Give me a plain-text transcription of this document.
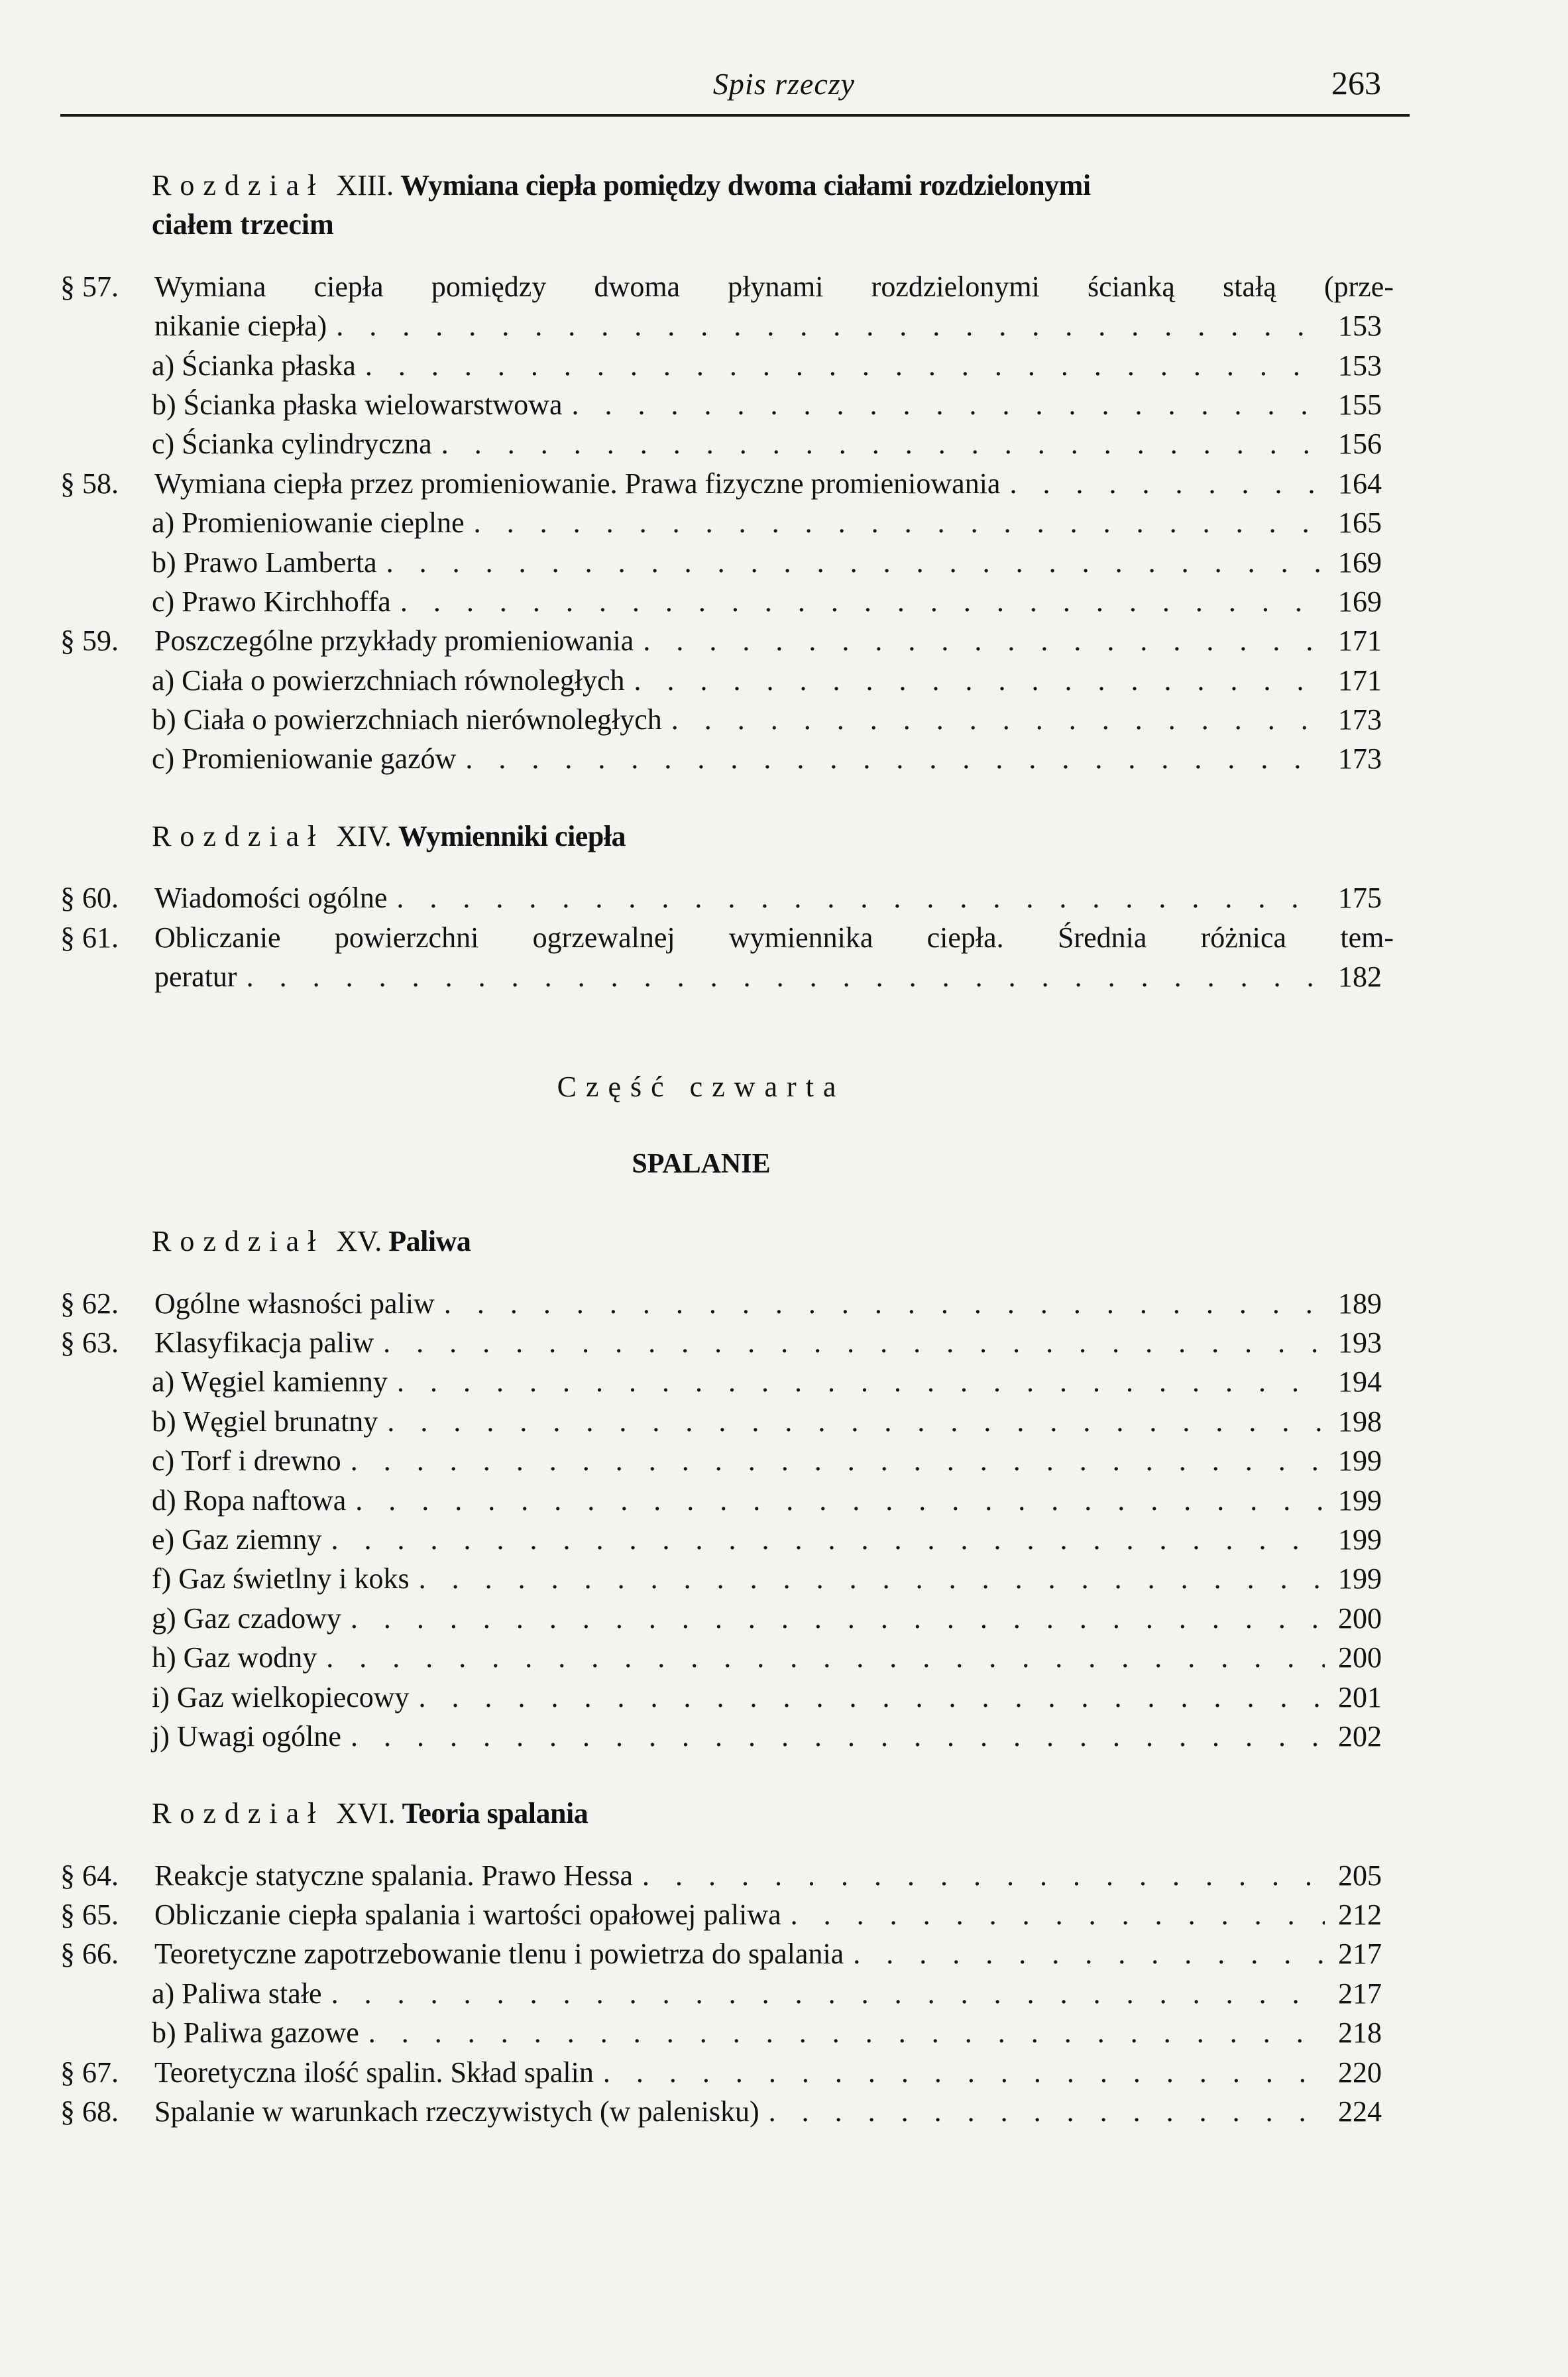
Spis rzeczy	263
Rozdział XIII. Wymiana ciepła pomiędzy dwoma ciałami rozdzielonymi
ciałem trzecim
§ 57.	Wymiana ciepła pomiędzy dwoma płynami rozdzielonymi ścianką stałą (prze-
nikanie ciepła) . . .	153
a) Ścianka płaska . . .	153
b) Ścianka płaska wielowarstwowa . . .	155
c) Ścianka cylindryczna . . .	156
§ 58.	Wymiana ciepła przez promieniowanie. Prawa fizyczne promieniowania . . .	164
a) Promieniowanie cieplne . . .	165
b) Prawo Lamberta . . .	169
c) Prawo Kirchhoffa . . .	169
§ 59.	Poszczególne przykłady promieniowania . . .	171
a) Ciała o powierzchniach równoległych . . .	171
b) Ciała o powierzchniach nierównoległych . . .	173
c) Promieniowanie gazów . . .	173
Rozdział XIV. Wymienniki ciepła
§ 60.	Wiadomości ogólne . . .	175
§ 61.	Obliczanie powierzchni ogrzewalnej wymiennika ciepła. Średnia różnica tem-
peratur . . .	182
Część czwarta
SPALANIE
Rozdział XV. Paliwa
§ 62.	Ogólne własności paliw . . .	189
§ 63.	Klasyfikacja paliw . . .	193
a) Węgiel kamienny . . .	194
b) Węgiel brunatny . . .	198
c) Torf i drewno . . .	199
d) Ropa naftowa . . .	199
e) Gaz ziemny . . .	199
f) Gaz świetlny i koks . . .	199
g) Gaz czadowy . . .	200
h) Gaz wodny . . .	200
i) Gaz wielkopiecowy . . .	201
j) Uwagi ogólne . . .	202
Rozdział XVI. Teoria spalania
§ 64.	Reakcje statyczne spalania. Prawo Hessa . . .	205
§ 65.	Obliczanie ciepła spalania i wartości opałowej paliwa . . .	212
§ 66.	Teoretyczne zapotrzebowanie tlenu i powietrza do spalania . . .	217
a) Paliwa stałe . . .	217
b) Paliwa gazowe . . .	218
§ 67.	Teoretyczna ilość spalin. Skład spalin . . .	220
§ 68.	Spalanie w warunkach rzeczywistych (w palenisku) . . .	224
